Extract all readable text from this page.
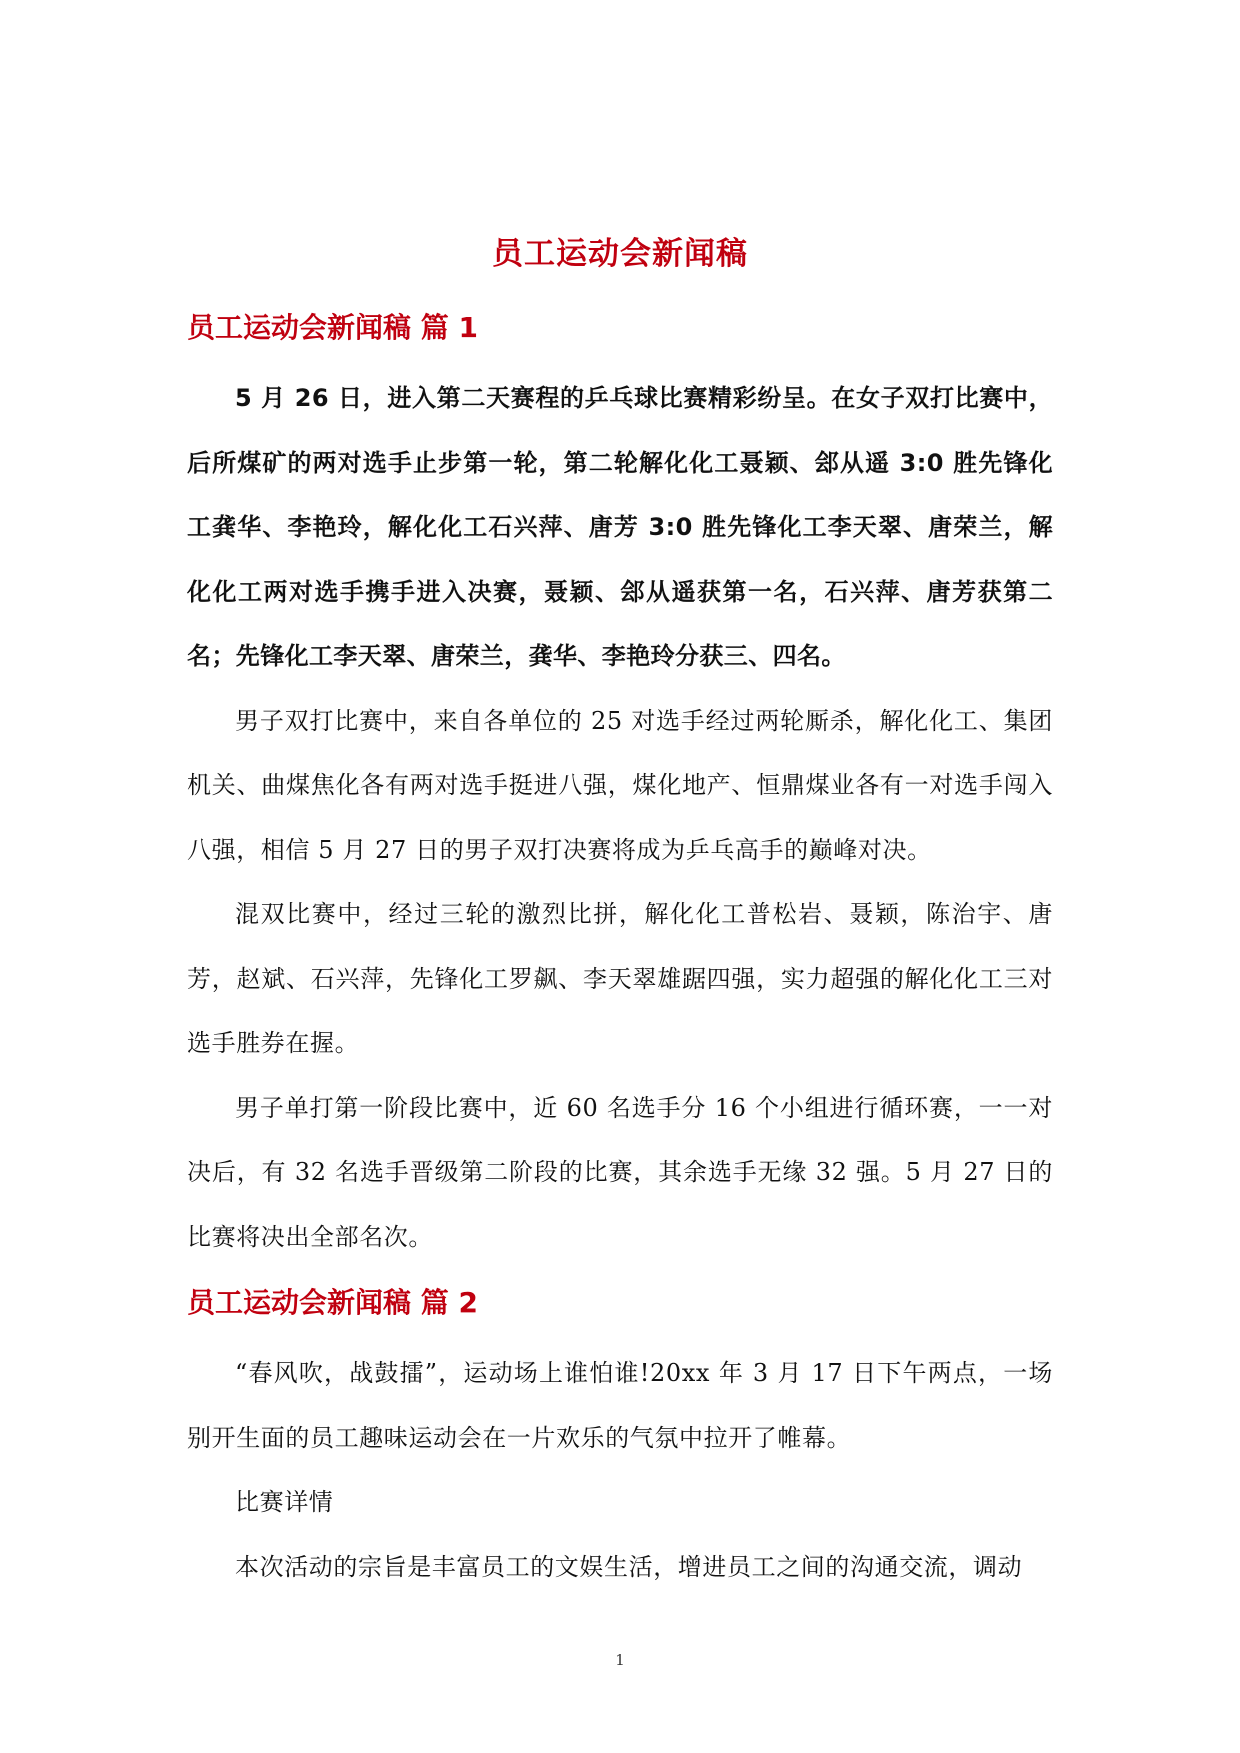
员工运动会新闻稿
员工运动会新闻稿 篇 1

5 月 26 日，进入第二天赛程的乒乓球比赛精彩纷呈。在女子双打比赛中，后所煤矿的两对选手止步第一轮，第二轮解化化工聂颖、郐从遥 3:0 胜先锋化工龚华、李艳玲，解化化工石兴萍、唐芳 3:0 胜先锋化工李天翠、唐荣兰，解化化工两对选手携手进入决赛，聂颖、郐从遥获第一名，石兴萍、唐芳获第二名；先锋化工李天翠、唐荣兰，龚华、李艳玲分获三、四名。

男子双打比赛中，来自各单位的 25 对选手经过两轮厮杀，解化化工、集团机关、曲煤焦化各有两对选手挺进八强，煤化地产、恒鼎煤业各有一对选手闯入八强，相信 5 月 27 日的男子双打决赛将成为乒乓高手的巅峰对决。

混双比赛中，经过三轮的激烈比拼，解化化工普松岩、聂颖，陈治宇、唐芳，赵斌、石兴萍，先锋化工罗飙、李天翠雄踞四强，实力超强的解化化工三对选手胜券在握。

男子单打第一阶段比赛中，近 60 名选手分 16 个小组进行循环赛，一一对决后，有 32 名选手晋级第二阶段的比赛，其余选手无缘 32 强。5 月 27 日的比赛将决出全部名次。

员工运动会新闻稿 篇 2

“春风吹，战鼓擂”，运动场上谁怕谁!20xx 年 3 月 17 日下午两点，一场别开生面的员工趣味运动会在一片欢乐的气氛中拉开了帷幕。

比赛详情

本次活动的宗旨是丰富员工的文娱生活，增进员工之间的沟通交流，调动

1
